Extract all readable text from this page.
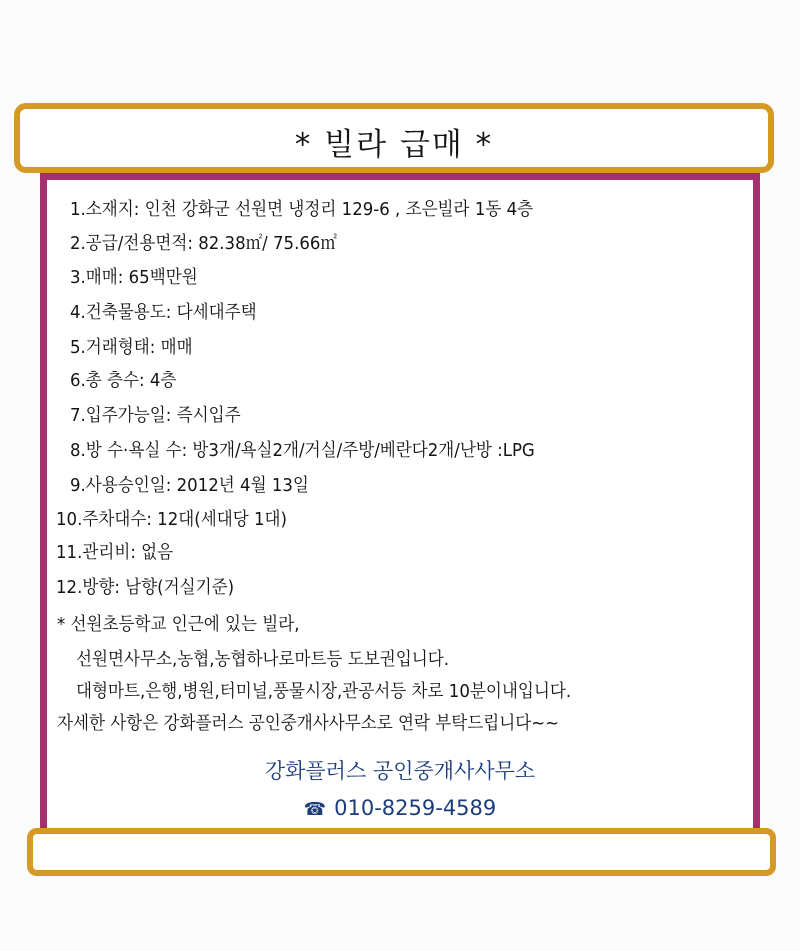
* 빌라 급매 *
1.소재지: 인천 강화군 선원면 냉정리 129-6 , 조은빌라 1동 4층
2.공급/전용면적: 82.38㎡/ 75.66㎡
3.매매: 65백만원
4.건축물용도: 다세대주택
5.거래형태: 매매
6.총 층수: 4층
7.입주가능일: 즉시입주
8.방 수·욕실 수: 방3개/욕실2개/거실/주방/베란다2개/난방 :LPG
9.사용승인일: 2012년 4월 13일
10.주차대수: 12대(세대당 1대)
11.관리비: 없음
12.방향: 남향(거실기준)
* 선원초등학교 인근에 있는 빌라,
선원면사무소,농협,농협하나로마트등 도보권입니다.
대형마트,은행,병원,터미널,풍물시장,관공서등 차로 10분이내입니다.
자세한 사항은 강화플러스 공인중개사사무소로 연락 부탁드립니다~~
강화플러스 공인중개사사무소
☎ 010-8259-4589
